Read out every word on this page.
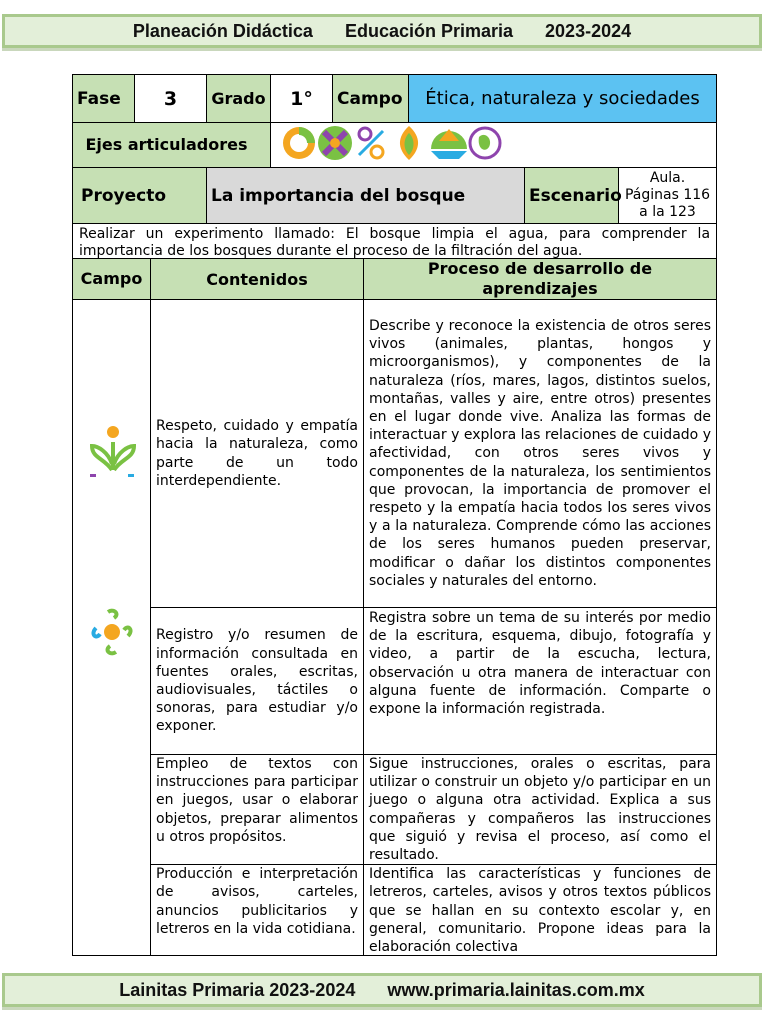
Planeación Didáctica Educación Primaria 2023-2024
Fase	3	Grado	1°	Campo	Ética, naturaleza y sociedades		
Ejes articuladores	
Proyecto		La importancia del bosque				Escenario	Aula. Páginas 116 a la 123
Realizar un experimento llamado: El bosque limpia el agua, para comprender la importancia de los bosques durante el proceso de la filtración del agua.							
Campo	Contenidos	Proceso de desarrollo de aprendizajes
	Respeto, cuidado y empatía hacia la naturaleza, como parte de un todo interdependiente.	Describe y reconoce la existencia de otros seres vivos (animales, plantas, hongos y microorganismos), y componentes de la naturaleza (ríos, mares, lagos, distintos suelos, montañas, valles y aire, entre otros) presentes en el lugar donde vive. Analiza las formas de interactuar y explora las relaciones de cuidado y afectividad, con otros seres vivos y componentes de la naturaleza, los sentimientos que provocan, la importancia de promover el respeto y la empatía hacia todos los seres vivos y a la naturaleza. Comprende cómo las acciones de los seres humanos pueden preservar, modificar o dañar los distintos componentes sociales y naturales del entorno.
	Registro y/o resumen de información consultada en fuentes orales, escritas, audiovisuales, táctiles o sonoras, para estudiar y/o exponer.	Registra sobre un tema de su interés por medio de la escritura, esquema, dibujo, fotografía y video, a partir de la escucha, lectura, observación u otra manera de interactuar con alguna fuente de información. Comparte o expone la información registrada.
	Empleo de textos con instrucciones para participar en juegos, usar o elaborar objetos, preparar alimentos u otros propósitos.	Sigue instrucciones, orales o escritas, para utilizar o construir un objeto y/o participar en un juego o alguna otra actividad. Explica a sus compañeras y compañeros las instrucciones que siguió y revisa el proceso, así como el resultado.
	Producción e interpretación de avisos, carteles, anuncios publicitarios y letreros en la vida cotidiana.	Identifica las características y funciones de letreros, carteles, avisos y otros textos públicos que se hallan en su contexto escolar y, en general, comunitario. Propone ideas para la elaboración colectiva
Lainitas Primaria 2023-2024 www.primaria.lainitas.com.mx
